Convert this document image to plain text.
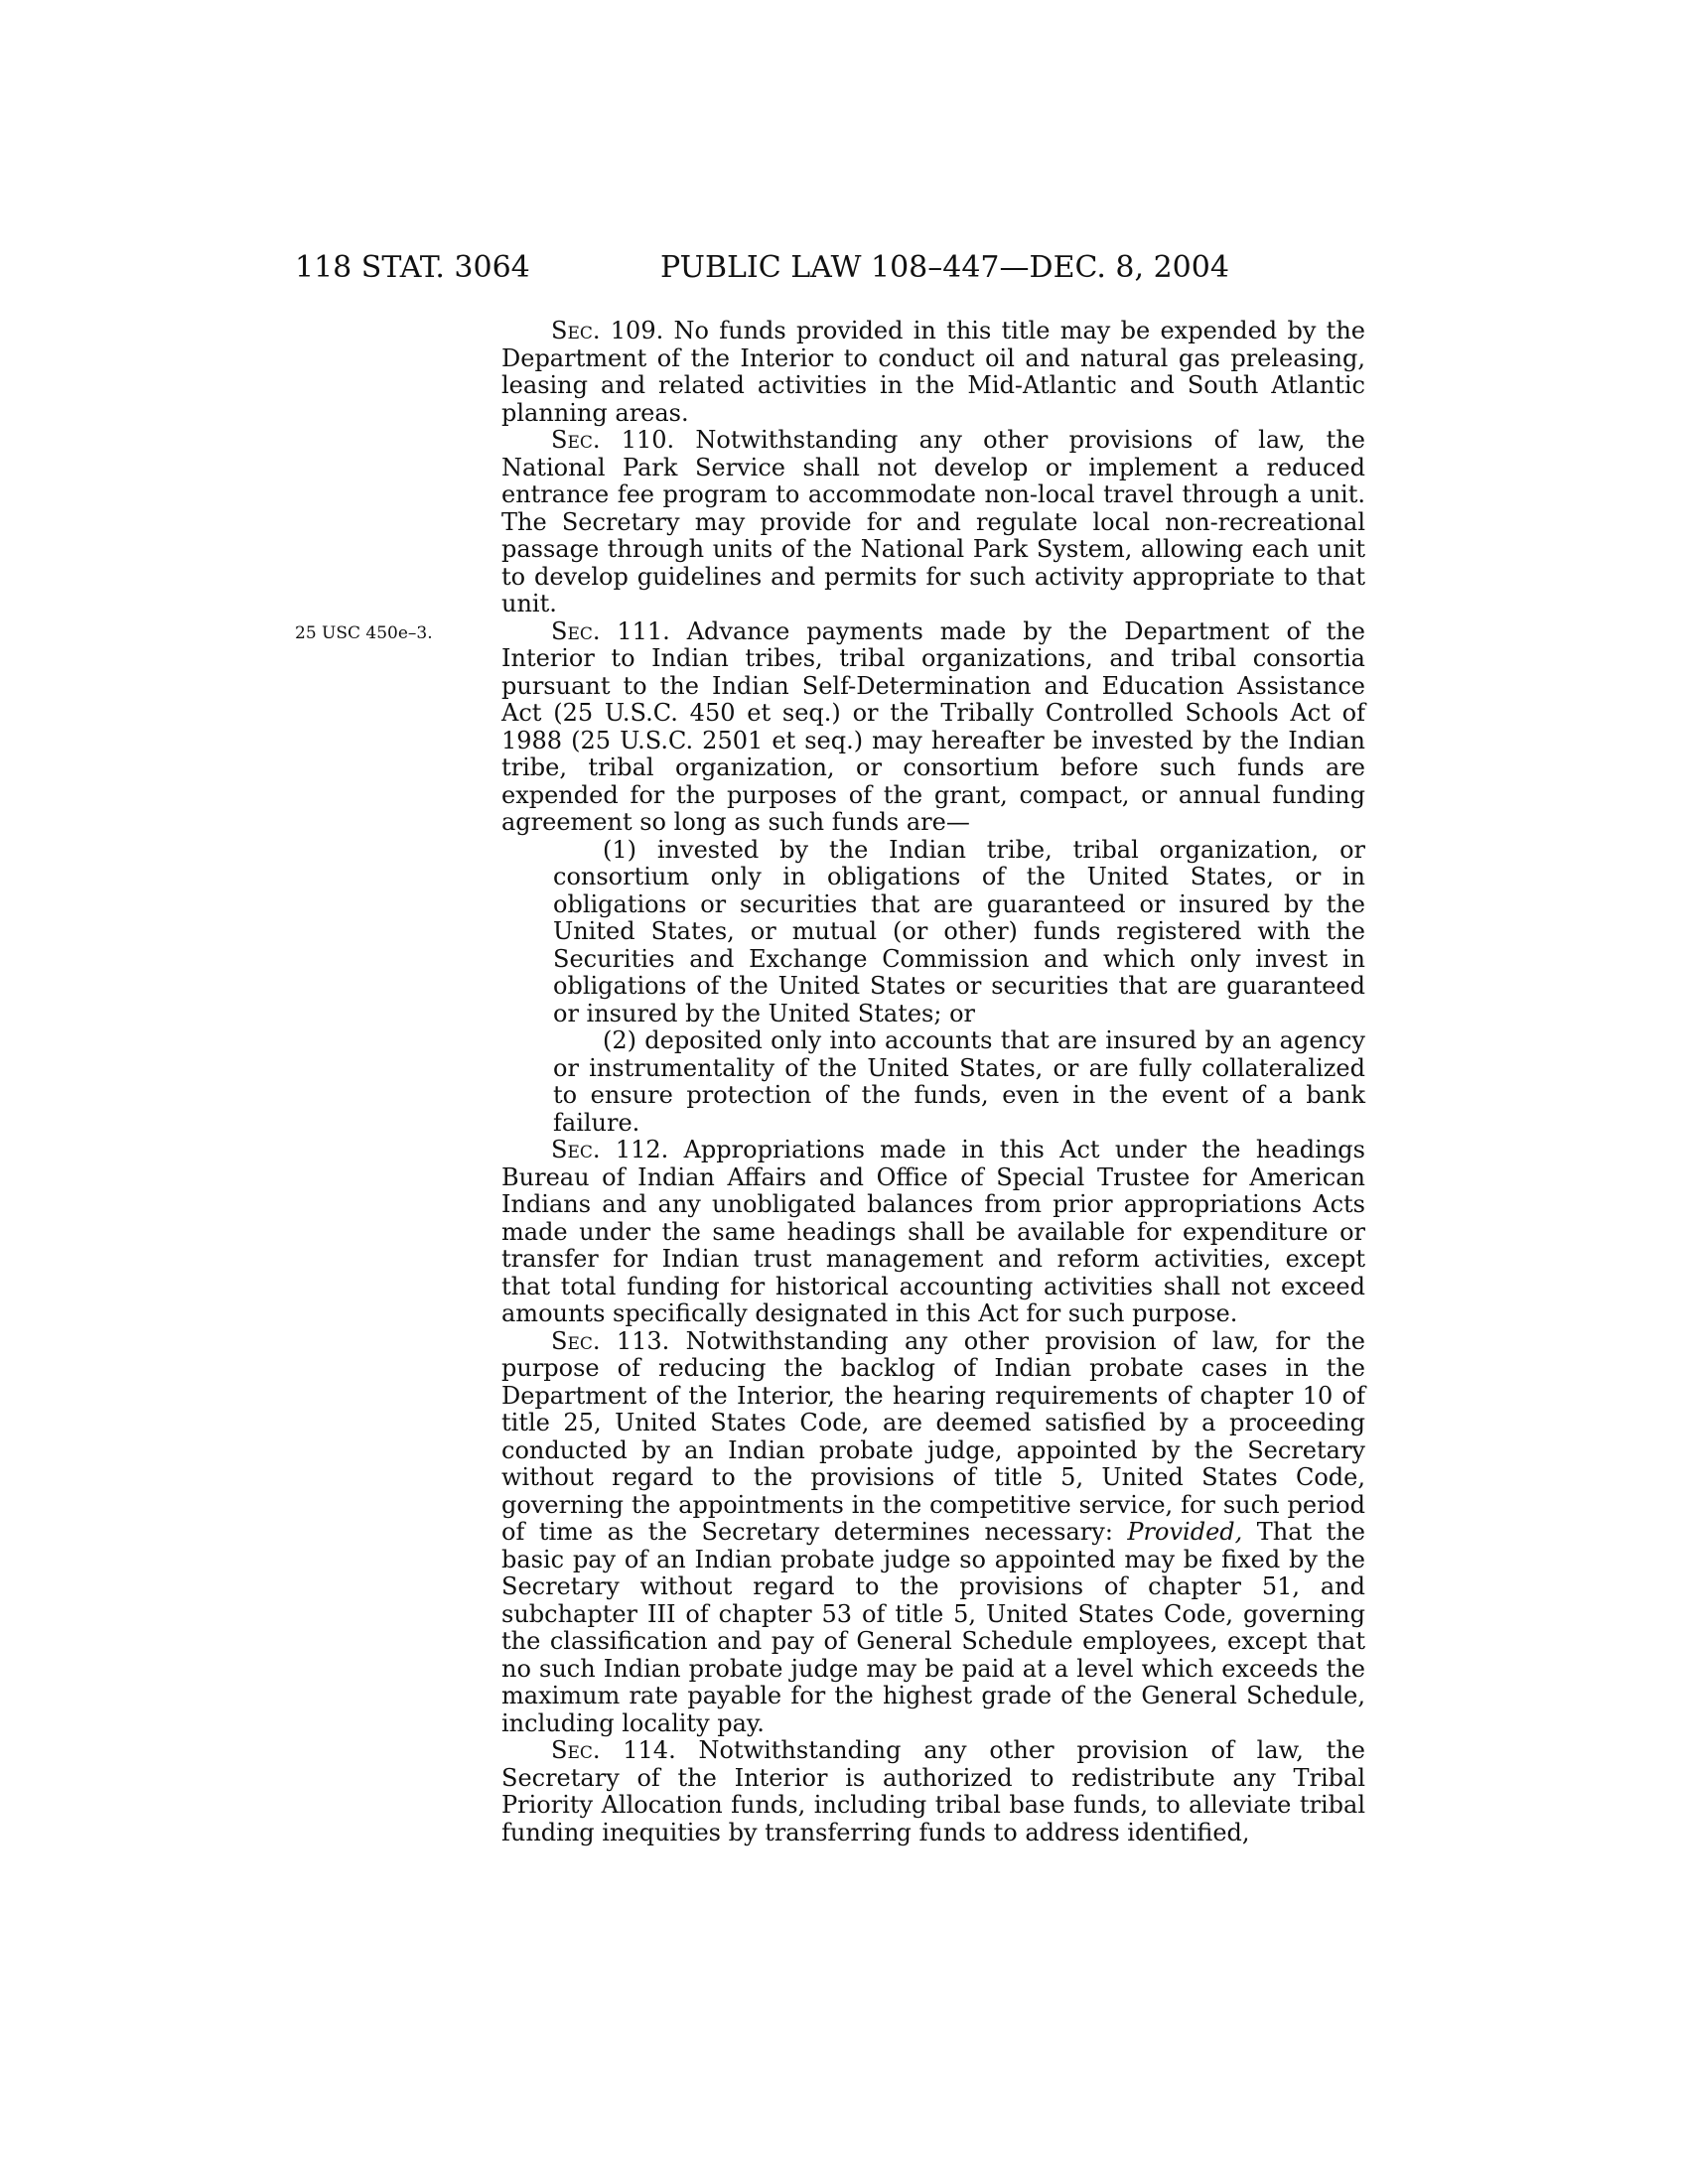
118 STAT. 3064	PUBLIC LAW 108–447—DEC. 8, 2004
25 USC 450e–3.

Sec. 109. No funds provided in this title may be expended by the Department of the Interior to conduct oil and natural gas preleasing, leasing and related activities in the Mid-Atlantic and South Atlantic planning areas.

Sec. 110. Notwithstanding any other provisions of law, the National Park Service shall not develop or implement a reduced entrance fee program to accommodate non-local travel through a unit. The Secretary may provide for and regulate local non-recreational passage through units of the National Park System, allowing each unit to develop guidelines and permits for such activity appropriate to that unit.

Sec. 111. Advance payments made by the Department of the Interior to Indian tribes, tribal organizations, and tribal consortia pursuant to the Indian Self-Determination and Education Assistance Act (25 U.S.C. 450 et seq.) or the Tribally Controlled Schools Act of 1988 (25 U.S.C. 2501 et seq.) may hereafter be invested by the Indian tribe, tribal organization, or consortium before such funds are expended for the purposes of the grant, compact, or annual funding agreement so long as such funds are—

(1) invested by the Indian tribe, tribal organization, or consortium only in obligations of the United States, or in obligations or securities that are guaranteed or insured by the United States, or mutual (or other) funds registered with the Securities and Exchange Commission and which only invest in obligations of the United States or securities that are guaranteed or insured by the United States; or

(2) deposited only into accounts that are insured by an agency or instrumentality of the United States, or are fully collateralized to ensure protection of the funds, even in the event of a bank failure.

Sec. 112. Appropriations made in this Act under the headings Bureau of Indian Affairs and Office of Special Trustee for American Indians and any unobligated balances from prior appropriations Acts made under the same headings shall be available for expenditure or transfer for Indian trust management and reform activities, except that total funding for historical accounting activities shall not exceed amounts specifically designated in this Act for such purpose.

Sec. 113. Notwithstanding any other provision of law, for the purpose of reducing the backlog of Indian probate cases in the Department of the Interior, the hearing requirements of chapter 10 of title 25, United States Code, are deemed satisfied by a proceeding conducted by an Indian probate judge, appointed by the Secretary without regard to the provisions of title 5, United States Code, governing the appointments in the competitive service, for such period of time as the Secretary determines necessary: Provided, That the basic pay of an Indian probate judge so appointed may be fixed by the Secretary without regard to the provisions of chapter 51, and subchapter III of chapter 53 of title 5, United States Code, governing the classification and pay of General Schedule employees, except that no such Indian probate judge may be paid at a level which exceeds the maximum rate payable for the highest grade of the General Schedule, including locality pay.

Sec. 114. Notwithstanding any other provision of law, the Secretary of the Interior is authorized to redistribute any Tribal Priority Allocation funds, including tribal base funds, to alleviate tribal funding inequities by transferring funds to address identified,
